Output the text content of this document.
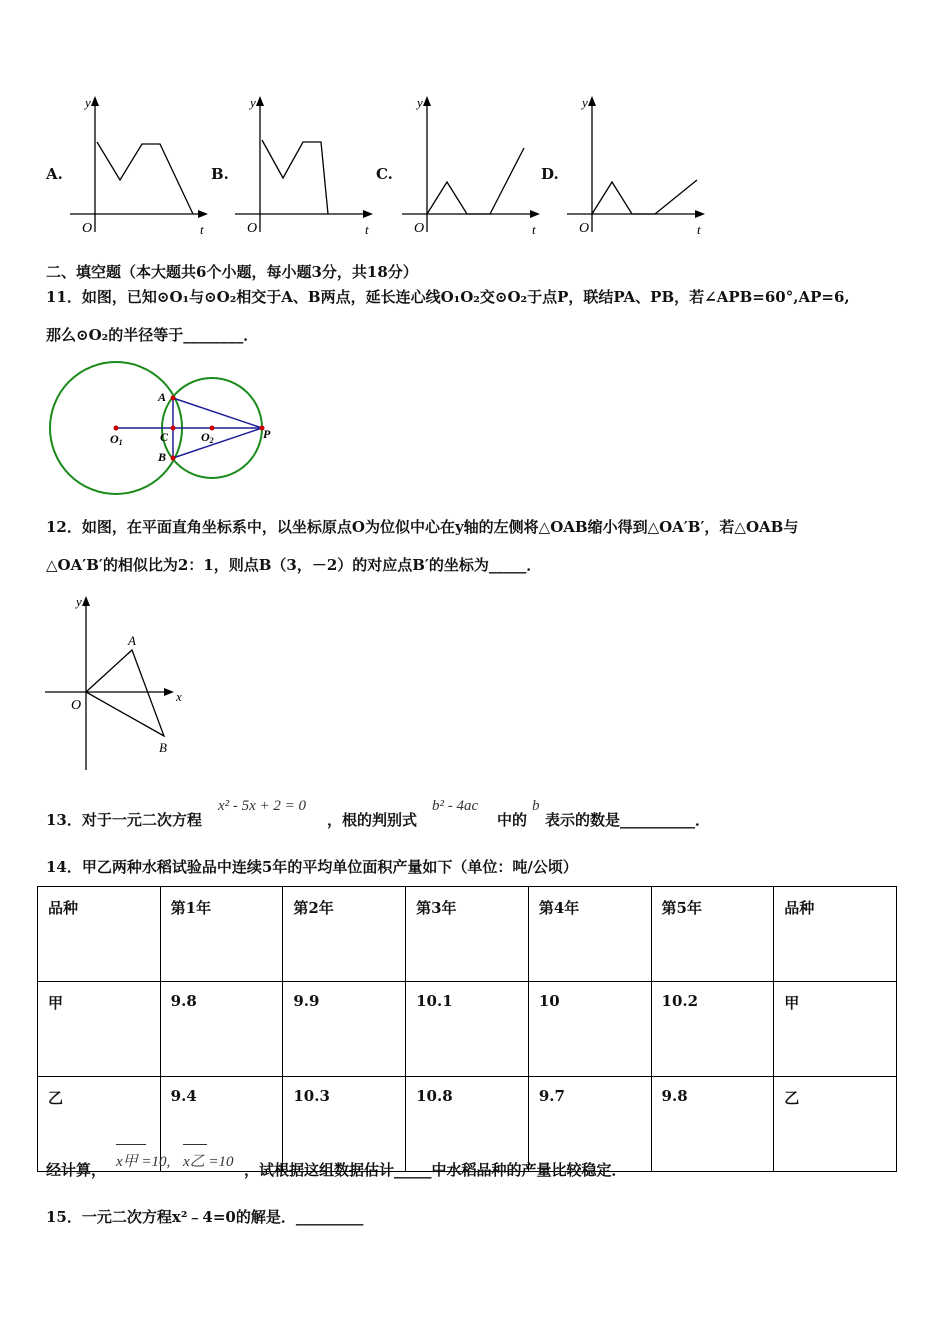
A.	B.	C.	D.
y
O	t
y
O	t
y
O	t
y
O	t
二、填空题（本大题共6个小题，每小题3分，共18分）
11．如图，已知⊙O₁与⊙O₂相交于A、B两点，延长连心线O₁O₂交⊙O₂于点P，联结PA、PB，若∠APB=60°,AP=6,
那么⊙O₂的半径等于________．
A
B
C
O1	O2	P
12．如图，在平面直角坐标系中，以坐标原点O为位似中心在y轴的左侧将△OAB缩小得到△OA′B′，若△OAB与
△OA′B′的相似比为2：1，则点B（3，－2）的对应点B′的坐标为_____．
y
x
O
A
B
13．对于一元二次方程
x² - 5x + 2 = 0
，根的判别式
b² - 4ac
中的
b
表示的数是__________．
14．甲乙两种水稻试验品中连续5年的平均单位面积产量如下（单位：吨/公顷）
品种	第1年	第2年	第3年	第4年	第5年	品种
甲	9.8	9.9	10.1	10	10.2	甲
乙	9.4	10.3	10.8	9.7	9.8	乙
经计算， x甲 =10, x乙 =10 ，试根据这组数据估计_____中水稻品种的产量比较稳定．
15．一元二次方程x²﹣4=0的解是．_________
